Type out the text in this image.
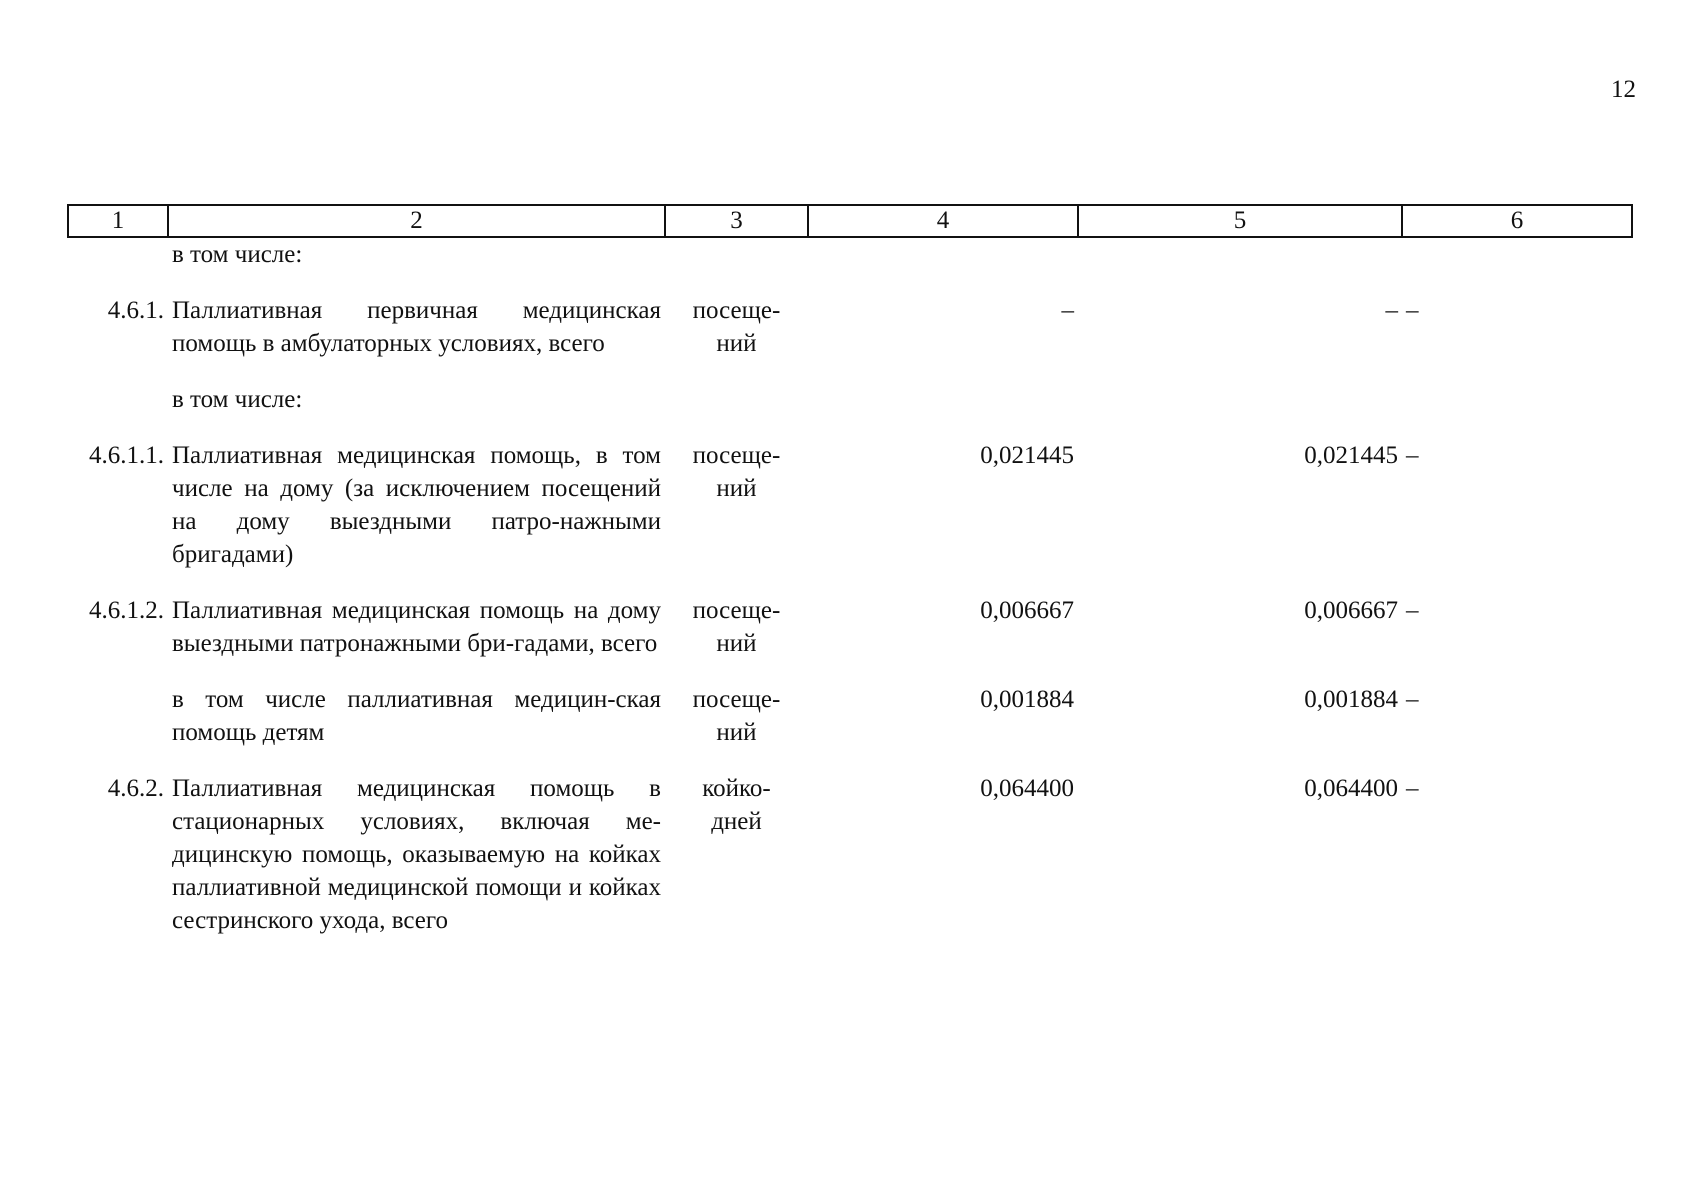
12
1	2	3	4	5	6
	в том числе:				
4.6.1.	Паллиативная первичная медицинская помощь в амбулаторных условиях, всего	посеще-
ний	–	–	–
	в том числе:				
4.6.1.1.	Паллиативная медицинская помощь, в том числе на дому (за исключением посещений на дому выездными патро-нажными бригадами)	посеще-
ний	0,021445	0,021445	–
4.6.1.2.	Паллиативная медицинская помощь на дому выездными патронажными бри-гадами, всего	посеще-
ний	0,006667	0,006667	–
	в том числе паллиативная медицин-ская помощь детям	посеще-
ний	0,001884	0,001884	–
4.6.2.	Паллиативная медицинская помощь в стационарных условиях, включая ме-дицинскую помощь, оказываемую на койках паллиативной медицинской помощи и койках сестринского ухода, всего	койко-
дней	0,064400	0,064400	–
